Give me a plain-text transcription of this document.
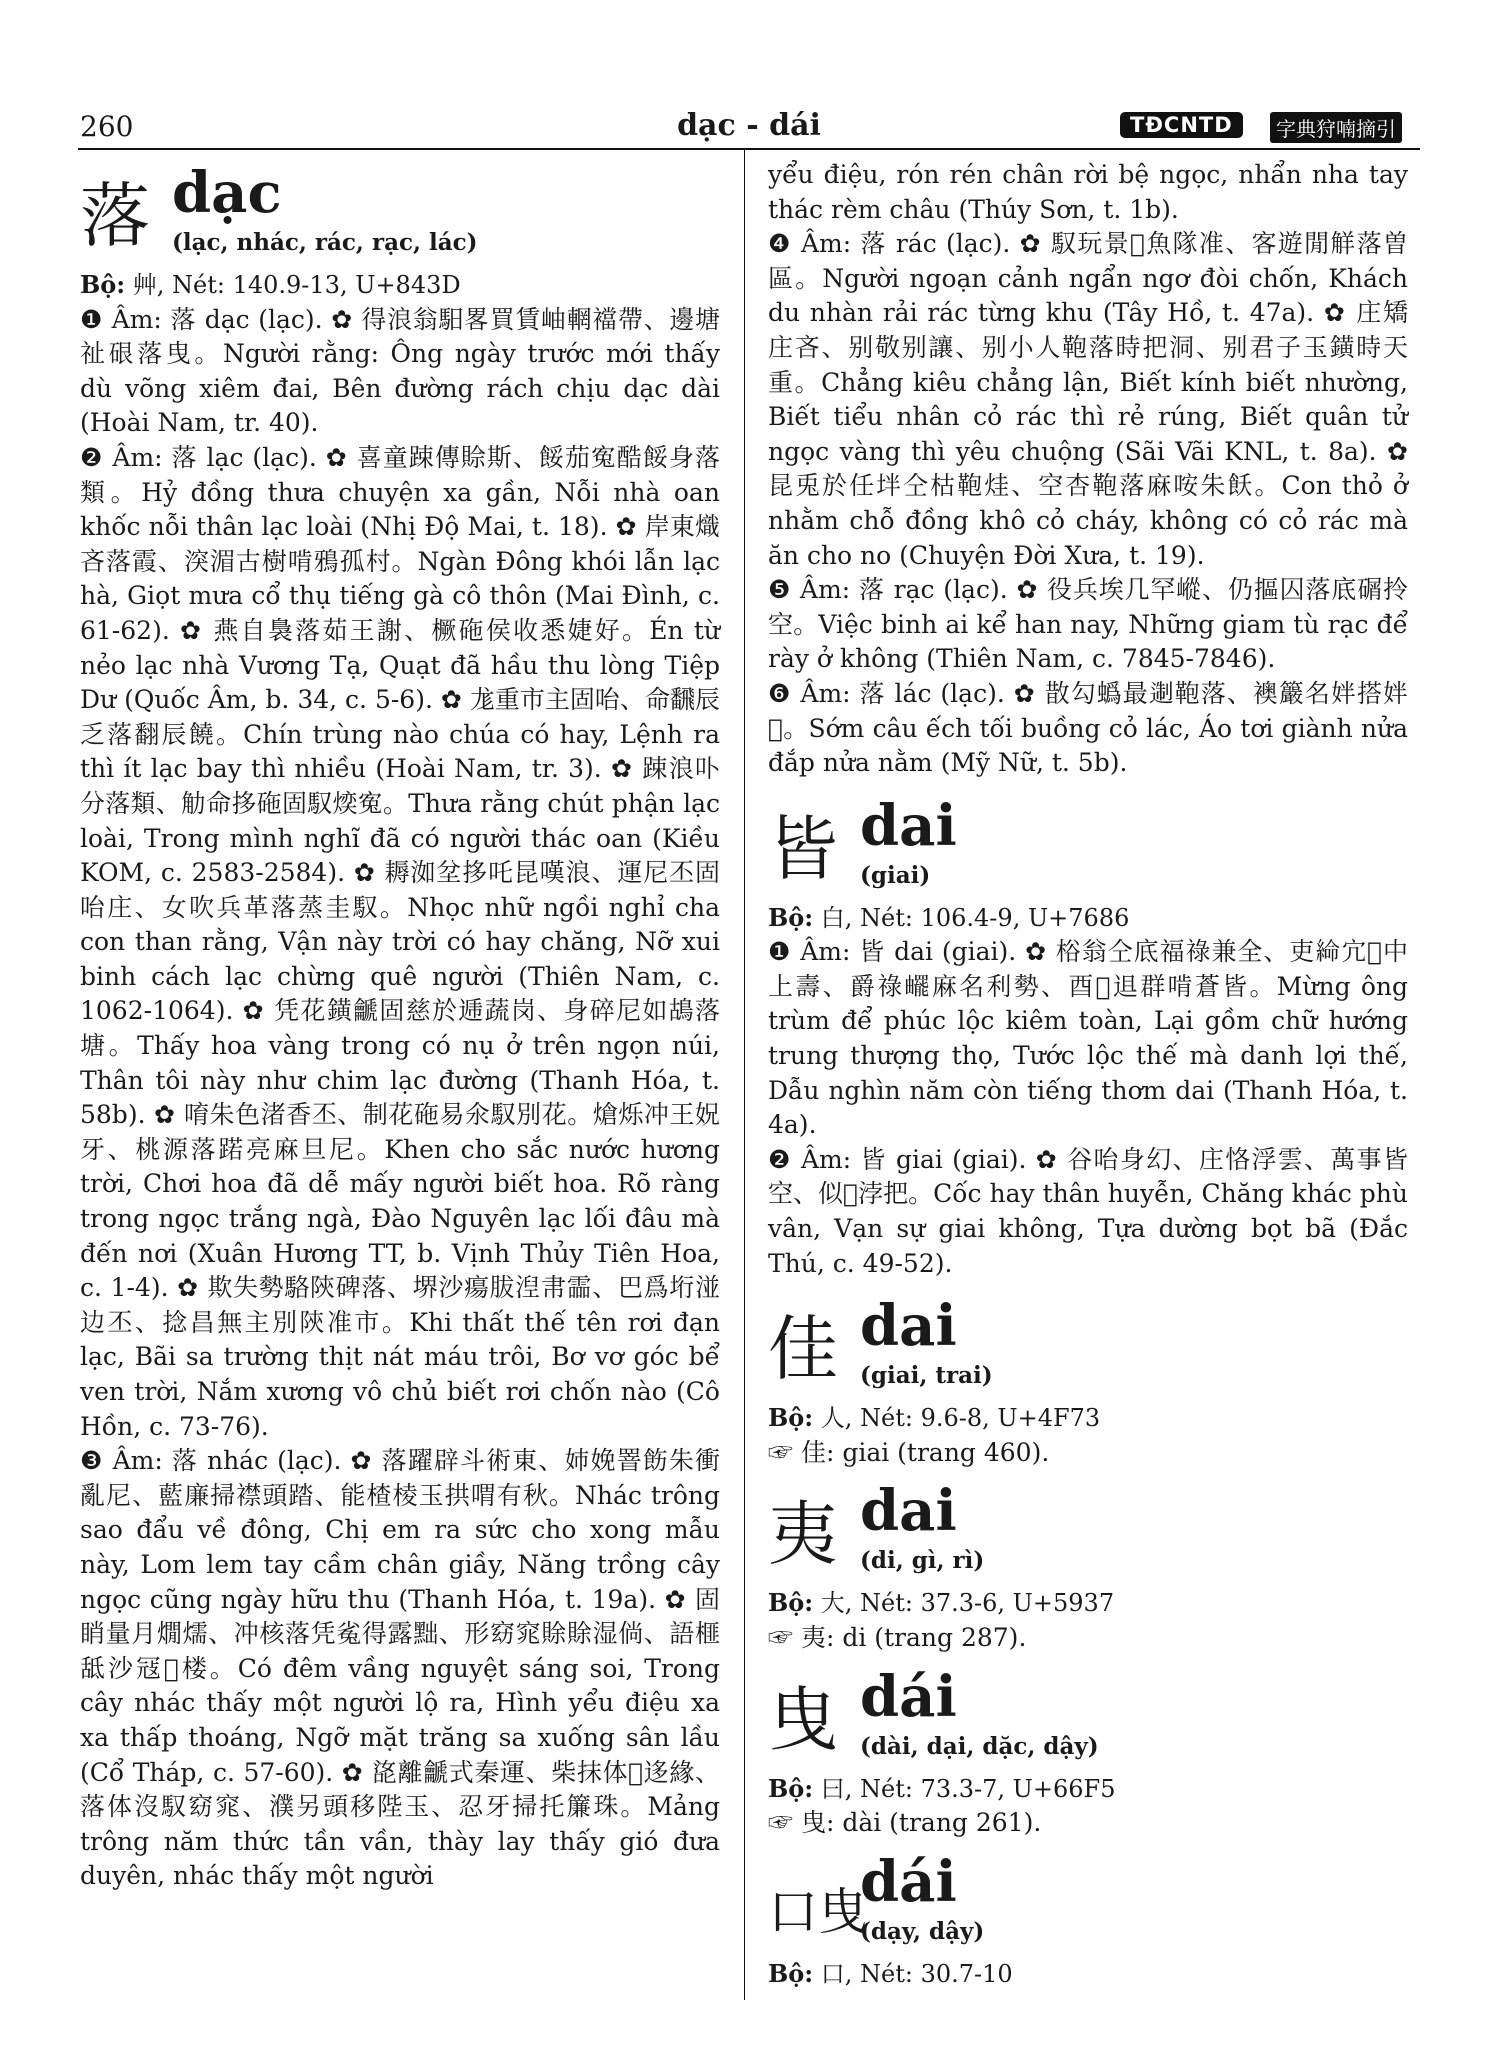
260	dạc - dái	TĐCNTD	字典狩喃摘引
落 dạc
(lạc, nhác, rác, rạc, lác)

Bộ: 艸, Nét: 140.9-13, U+843D

❶ Âm: 落 dạc (lạc). ✿ 得浪翁馹畧買賃岫輞襠帶、邊塘祉硍落曳。Người rằng: Ông ngày trước mới thấy dù võng xiêm đai, Bên đường rách chịu dạc dài (Hoài Nam, tr. 40).

❷ Âm: 落 lạc (lạc). ✿ 喜童踈傳賒斯、餒茄寃酷餒身落類。Hỷ đồng thưa chuyện xa gần, Nỗi nhà oan khốc nỗi thân lạc loài (Nhị Độ Mai, t. 18). ✿ 岸東熾吝落霞、湥湄古樹啃鴉孤村。Ngàn Đông khói lẫn lạc hà, Giọt mưa cổ thụ tiếng gà cô thôn (Mai Đình, c. 61-62). ✿ 燕自裊落茹王謝、橛砤侯收悉婕好。Én từ nẻo lạc nhà Vương Tạ, Quạt đã hầu thu lòng Tiệp Dư (Quốc Âm, b. 34, c. 5-6). ✿ 尨重市主固咍、命飜辰乏落翻辰饒。Chín trùng nào chúa có hay, Lệnh ra thì ít lạc bay thì nhiều (Hoài Nam, tr. 3). ✿ 踈浪卟分落類、觔命拸砤固馭㷜寃。Thưa rằng chút phận lạc loài, Trong mình nghĩ đã có người thác oan (Kiều KOM, c. 2583-2584). ✿ 耨洳坌拸吒昆嘆浪、運尼丕固咍庄、女吹兵革落蒸圭馭。Nhọc nhữ ngồi nghỉ cha con than rằng, Vận này trời có hay chăng, Nỡ xui binh cách lạc chừng quê người (Thiên Nam, c. 1062-1064). ✿ 凭花鐄䶵固慈於逓蔬岗、身碎尼如鴣落塘。Thấy hoa vàng trong có nụ ở trên ngọn núi, Thân tôi này như chim lạc đường (Thanh Hóa, t. 58b). ✿ 唷朱色渚香丕、制花砤易氽馭別花。熗烁冲王㚾牙、桃源落蹃亮麻旦尼。Khen cho sắc nước hương trời, Chơi hoa đã dễ mấy người biết hoa. Rõ ràng trong ngọc trắng ngà, Đào Nguyên lạc lối đâu mà đến nơi (Xuân Hương TT, b. Vịnh Thủy Tiên Hoa, c. 1-4). ✿ 欺失勢駱陝碑落、堺沙瘍胈湼帇霝、巴爲垳湴边丕、捻昌無主別陝准市。Khi thất thế tên rơi đạn lạc, Bãi sa trường thịt nát máu trôi, Bơ vơ góc bể ven trời, Nắm xương vô chủ biết rơi chốn nào (Cô Hồn, c. 73-76).

❸ Âm: 落 nhác (lạc). ✿ 落躍辟斗術東、姉娩罯飭朱衝亂尼、藍廉掃襟頭踏、能楂棱玉拱喟有秋。Nhác trông sao đẩu về đông, Chị em ra sức cho xong mẫu này, Lom lem tay cầm chân giầy, Năng trồng cây ngọc cũng ngày hữu thu (Thanh Hóa, t. 19a). ✿ 固睄量月燗燸、冲核落凭㝹得露黜、形窈窕賖賖湿倘、語榧䑛沙冦𨚟楼。Có đêm vầng nguyệt sáng soi, Trong cây nhác thấy một người lộ ra, Hình yểu điệu xa xa thấp thoáng, Ngỡ mặt trăng sa xuống sân lầu (Cổ Tháp, c. 57-60). ✿ 㖳離䶵式秦運、柴抹体𦡟迻緣、落体沒馭窈窕、濮另頭移陛玉、忍牙掃托簾珠。Mảng trông năm thức tần vần, thày lay thấy gió đưa duyên, nhác thấy một người

yểu điệu, rón rén chân rời bệ ngọc, nhẩn nha tay thác rèm châu (Thúy Sơn, t. 1b).

❹ Âm: 落 rác (lạc). ✿ 馭玩景𥹰魚隊准、客遊閒觧落曽區。Người ngoạn cảnh ngẩn ngơ đòi chốn, Khách du nhàn rải rác từng khu (Tây Hồ, t. 47a). ✿ 庄矯庄吝、别敬别讓、别小人鞄落時把洞、别君子玉鐄時天重。Chẳng kiêu chẳng lận, Biết kính biết nhường, Biết tiểu nhân cỏ rác thì rẻ rúng, Biết quân tử ngọc vàng thì yêu chuộng (Sãi Vãi KNL, t. 8a). ✿ 昆兎於任坢仝枯鞄烓、空杏鞄落麻咹朱飫。Con thỏ ở nhằm chỗ đồng khô cỏ cháy, không có cỏ rác mà ăn cho no (Chuyện Đời Xưa, t. 19).

❺ Âm: 落 rạc (lạc). ✿ 役兵埃几罕嵷、仍摳囚落底碿拎空。Việc binh ai kể han nay, Những giam tù rạc để rày ở không (Thiên Nam, c. 7845-7846).

❻ Âm: 落 lác (lạc). ✿ 㪚勾蟡最𨔈鞄落、襖䉷名姅搭姅𦸼。Sớm câu ếch tối buồng cỏ lác, Áo tơi giành nửa đắp nửa nằm (Mỹ Nữ, t. 5b).

皆 dai
(giai)

Bộ: 白, Nét: 106.4-9, U+7686

❶ Âm: 皆 dai (giai). ✿ 㭲翁仝底福祿兼全、吏𦁸宂𨤔中上壽、爵祿𤳸麻名利勢、酉𡦂䢐群啃蒼皆。Mừng ông trùm để phúc lộc kiêm toàn, Lại gồm chữ hướng trung thượng thọ, Tước lộc thế mà danh lợi thế, Dẫu nghìn năm còn tiếng thơm dai (Thanh Hóa, t. 4a).

❷ Âm: 皆 giai (giai). ✿ 谷咍身幻、庄恪浮雲、萬事皆空、似𦬑浡把。Cốc hay thân huyễn, Chăng khác phù vân, Vạn sự giai không, Tựa dường bọt bã (Đắc Thú, c. 49-52).

佳 dai
(giai, trai)

Bộ: 人, Nét: 9.6-8, U+4F73

☞ 佳: giai (trang 460).

夷 dai
(di, gì, rì)

Bộ: 大, Nét: 37.3-6, U+5937

☞ 夷: di (trang 287).

曳 dái
(dài, dại, dặc, dậy)

Bộ: 曰, Nét: 73.3-7, U+66F5

☞ 曳: dài (trang 261).

口曳
dái
(dạy, dậy)

Bộ: 口, Nét: 30.7-10
